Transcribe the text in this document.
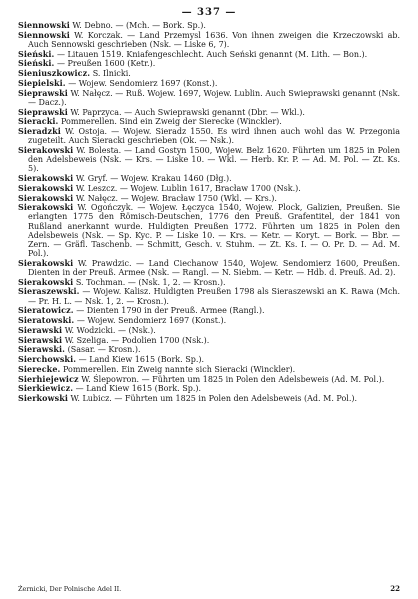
— 337 —

Siennowski W. Debno. — (Mch. — Bork. Sp.).

Siennowski W. Korczak. — Land Przemysl 1636. Von ihnen zweigen die Krzeczowski ab. Auch Sennowski geschrieben (Nsk. — Liske 6, 7).

Sieński. — Litauen 1519. Kniafengeschlecht. Auch Seński genannt (M. Lith. — Bon.).

Sieński. — Preußen 1600 (Ketr.).

Sieniuszkowicz. S. Ilnicki.

Siepielski. — Wojew. Sendomierz 1697 (Konst.).

Sieprawski W. Nałęcz. — Ruß. Wojew. 1697, Wojew. Lublin. Auch Swieprawski genannt (Nsk. — Dacz.).

Sieprawski W. Paprzyca. — Auch Swieprawski genannt (Dbr. — Wkl.).

Sieracki. Pommerellen. Sind ein Zweig der Sierecke (Winckler).

Sieradzki W. Ostoja. — Wojew. Sieradz 1550. Es wird ihnen auch wohl das W. Przegonia zugeteilt. Auch Sieracki geschrieben (Ok. — Nsk.).

Sierakowski W. Bolesta. — Land Gostyn 1500, Wojew. Belz 1620. Führten um 1825 in Polen den Adelsbeweis (Nsk. — Krs. — Liske 10. — Wkl. — Herb. Kr. P. — Ad. M. Pol. — Zt. Ks. 5).

Sierakowski W. Gryf. — Wojew. Krakau 1460 (Dłg.).

Sierakowski W. Leszcz. — Wojew. Lublin 1617, Bracław 1700 (Nsk.).

Sierakowski W. Nałęcz. — Wojew. Bracław 1750 (Wkl. — Krs.).

Sierakowski W. Ogończyk. — Wojew. Łęczyca 1540, Wojew. Plock, Galizien, Preußen. Sie erlangten 1775 den Römisch-Deutschen, 1776 den Preuß. Grafentitel, der 1841 von Rußland anerkannt wurde. Huldigten Preußen 1772. Führten um 1825 in Polen den Adelsbeweis (Nsk. — Sp. Kyc. P. — Liske 10. — Krs. — Ketr. — Koryt. — Bork. — Bbr. — Zern. — Gräfl. Taschenb. — Schmitt, Gesch. v. Stuhm. — Zt. Ks. I. — O. Pr. D. — Ad. M. Pol.).

Sierakowski W. Prawdzic. — Land Ciechanow 1540, Wojew. Sendomierz 1600, Preußen. Dienten in der Preuß. Armee (Nsk. — Rangl. — N. Siebm. — Ketr. — Hdb. d. Preuß. Ad. 2).

Sierakowski S. Tochman. — (Nsk. 1, 2. — Krosn.).

Sieraszewski. — Wojew. Kalisz. Huldigten Preußen 1798 als Sieraszewski an K. Rawa (Mch. — Pr. H. L. — Nsk. 1, 2. — Krosn.).

Sieratowicz. — Dienten 1790 in der Preuß. Armee (Rangl.).

Sieratowski. — Wojew. Sendomierz 1697 (Konst.).

Sierawski W. Wodzicki. — (Nsk.).

Sierawski W. Szeliga. — Podolien 1700 (Nsk.).

Sierawski. (Sasar. — Krosn.).

Sierchowski. — Land Kiew 1615 (Bork. Sp.).

Sierecke. Pommerellen. Ein Zweig nannte sich Sieracki (Winckler).

Sierhiejewicz W. Ślepowron. — Führten um 1825 in Polen den Adelsbeweis (Ad. M. Pol.).

Sierkiewicz. — Land Kiew 1615 (Bork. Sp.).

Sierkowski W. Lubicz. — Führten um 1825 in Polen den Adelsbeweis (Ad. M. Pol.).

Żernicki, Der Polnische Adel II.	22
